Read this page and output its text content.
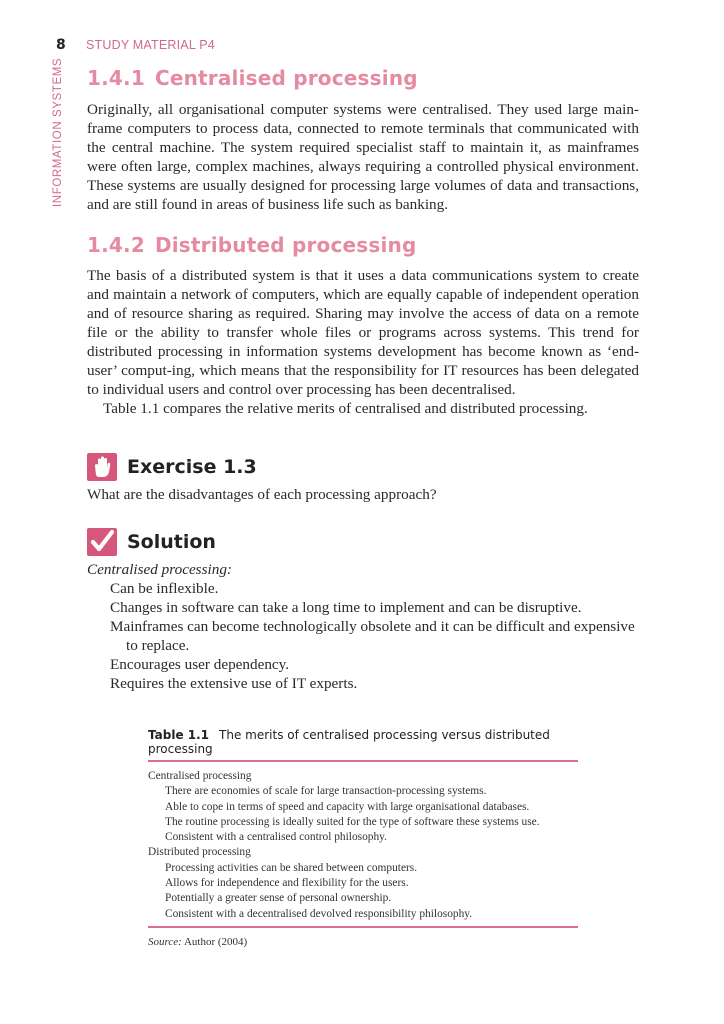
8 STUDY MATERIAL P4
INFORMATION SYSTEMS 1.4.1 Centralised processing

Originally, all organisational computer systems were centralised. They used large main-frame computers to process data, connected to remote terminals that communicated with the central machine. The system required specialist staff to maintain it, as mainframes were often large, complex machines, always requiring a controlled physical environment. These systems are usually designed for processing large volumes of data and transactions, and are still found in areas of business life such as banking.

1.4.2 Distributed processing

The basis of a distributed system is that it uses a data communications system to create and maintain a network of computers, which are equally capable of independent operation and of resource sharing as required. Sharing may involve the access of data on a remote file or the ability to transfer whole files or programs across systems. This trend for distributed processing in information systems development has become known as ‘end-user’ comput-ing, which means that the responsibility for IT resources has been delegated to individual users and control over processing has been decentralised.

Table 1.1 compares the relative merits of centralised and distributed processing.

Exercise 1.3
What are the disadvantages of each processing approach?
Solution
Centralised processing:
Can be inflexible.
Changes in software can take a long time to implement and can be disruptive.
Mainframes can become technologically obsolete and it can be difficult and expensive to replace.
Encourages user dependency.
Requires the extensive use of IT experts.
Table 1.1 The merits of centralised processing versus distributed processing
Centralised processing
There are economies of scale for large transaction-processing systems.
Able to cope in terms of speed and capacity with large organisational databases.
The routine processing is ideally suited for the type of software these systems use.
Consistent with a centralised control philosophy.
Distributed processing
Processing activities can be shared between computers.
Allows for independence and flexibility for the users.
Potentially a greater sense of personal ownership.
Consistent with a decentralised devolved responsibility philosophy.
Source: Author (2004)
